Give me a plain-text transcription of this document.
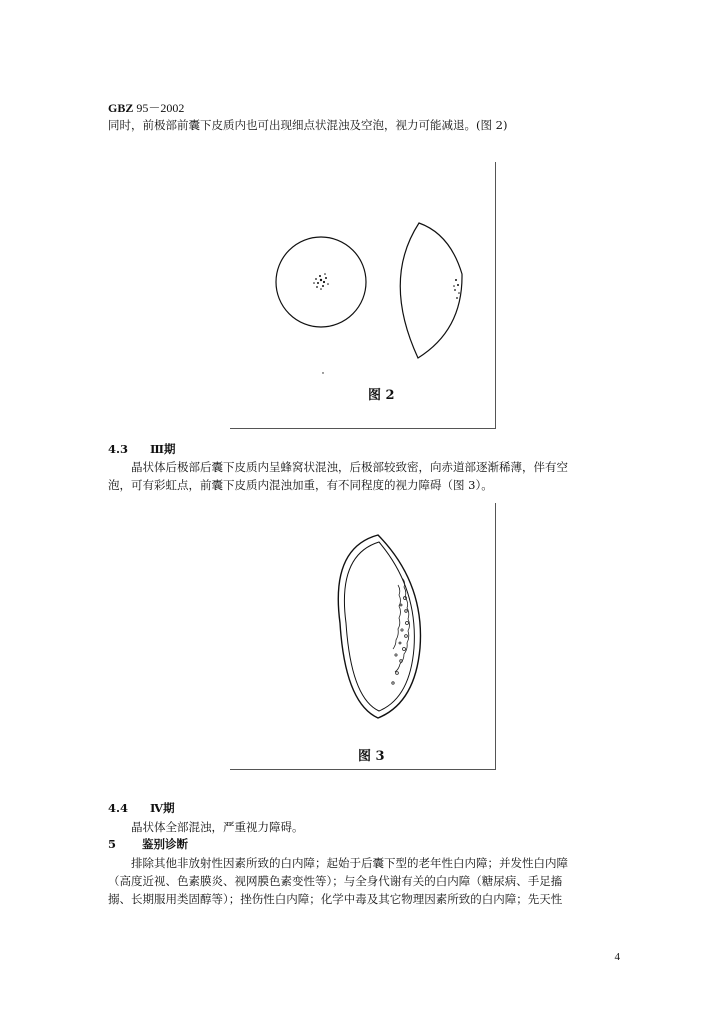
GBZ 95－2002
同时，前极部前囊下皮质内也可出现细点状混浊及空泡，视力可能减退。(图 2)
图 2
4.3 Ⅲ期
晶状体后极部后囊下皮质内呈蜂窝状混浊，后极部较致密，向赤道部逐渐稀薄，伴有空
泡，可有彩虹点，前囊下皮质内混浊加重，有不同程度的视力障碍（图 3）。
图 3
4.4 Ⅳ期
晶状体全部混浊，严重视力障碍。
5 鉴别诊断
排除其他非放射性因素所致的白内障；起始于后囊下型的老年性白内障；并发性白内障
（高度近视、色素膜炎、视网膜色素变性等）；与全身代谢有关的白内障（糖尿病、手足搐
搦、长期服用类固醇等）；挫伤性白内障；化学中毒及其它物理因素所致的白内障；先天性
4
